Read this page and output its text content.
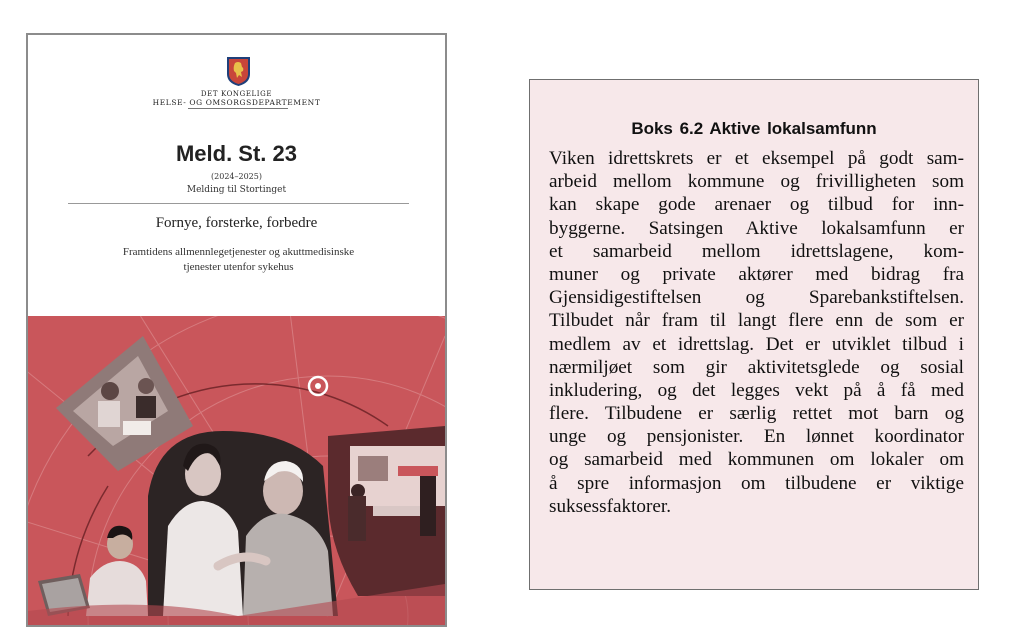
DET KONGELIGE
HELSE- OG OMSORGSDEPARTEMENT
Meld. St. 23
(2024–2025)
Melding til Stortinget
Fornye, forsterke, forbedre
Framtidens allmennlegetjenester og akuttmedisinske
tjenester utenfor sykehus
Boks 6.2 Aktive lokalsamfunn
Viken idrettskrets er et eksempel på godt sam-
arbeid mellom kommune og frivilligheten som
kan skape gode arenaer og tilbud for inn-
byggerne. Satsingen Aktive lokalsamfunn er
et samarbeid mellom idrettslagene, kom-
muner og private aktører med bidrag fra
Gjensidigestiftelsen og Sparebankstiftelsen.
Tilbudet når fram til langt flere enn de som er
medlem av et idrettslag. Det er utviklet tilbud i
nærmiljøet som gir aktivitetsglede og sosial
inkludering, og det legges vekt på å få med
flere. Tilbudene er særlig rettet mot barn og
unge og pensjonister. En lønnet koordinator
og samarbeid med kommunen om lokaler om
å spre informasjon om tilbudene er viktige
suksessfaktorer.
